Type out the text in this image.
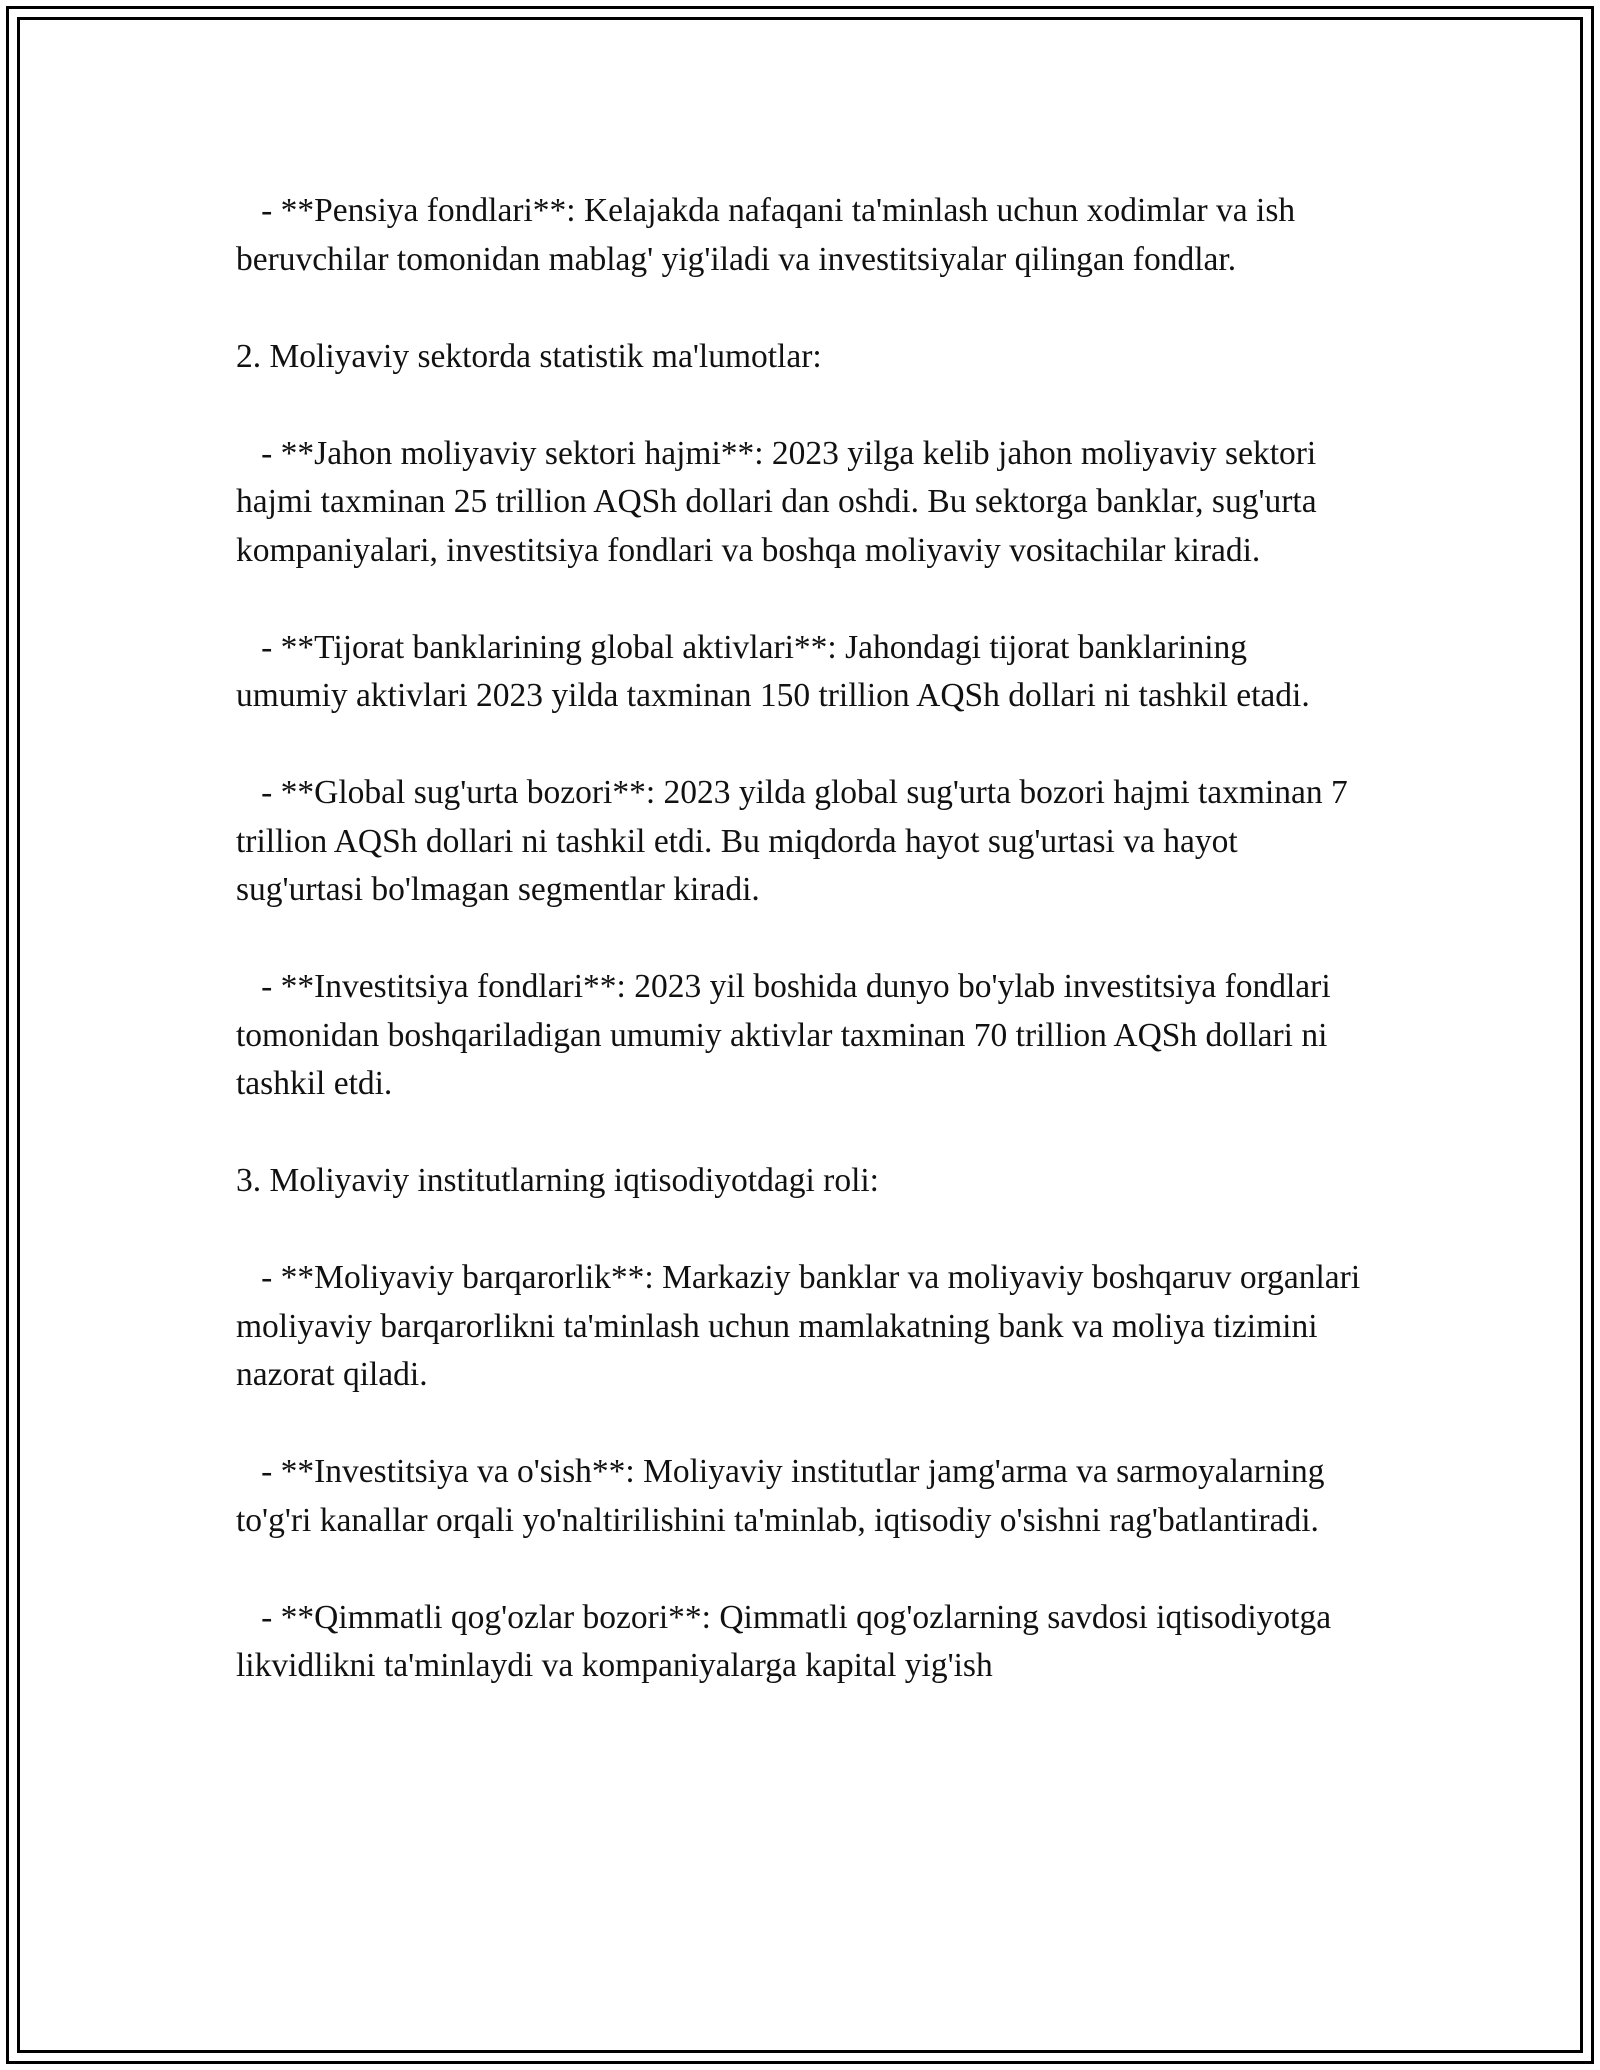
- **Pensiya fondlari**: Kelajakda nafaqani ta'minlash uchun xodimlar va ish beruvchilar tomonidan mablag' yig'iladi va investitsiyalar qilingan fondlar.

2. Moliyaviy sektorda statistik ma'lumotlar:

- **Jahon moliyaviy sektori hajmi**: 2023 yilga kelib jahon moliyaviy sektori hajmi taxminan 25 trillion AQSh dollari dan oshdi. Bu sektorga banklar, sug'urta kompaniyalari, investitsiya fondlari va boshqa moliyaviy vositachilar kiradi.

- **Tijorat banklarining global aktivlari**: Jahondagi tijorat banklarining umumiy aktivlari 2023 yilda taxminan 150 trillion AQSh dollari ni tashkil etadi.

- **Global sug'urta bozori**: 2023 yilda global sug'urta bozori hajmi taxminan 7 trillion AQSh dollari ni tashkil etdi. Bu miqdorda hayot sug'urtasi va hayot sug'urtasi bo'lmagan segmentlar kiradi.

- **Investitsiya fondlari**: 2023 yil boshida dunyo bo'ylab investitsiya fondlari tomonidan boshqariladigan umumiy aktivlar taxminan 70 trillion AQSh dollari ni tashkil etdi.

3. Moliyaviy institutlarning iqtisodiyotdagi roli:

- **Moliyaviy barqarorlik**: Markaziy banklar va moliyaviy boshqaruv organlari moliyaviy barqarorlikni ta'minlash uchun mamlakatning bank va moliya tizimini nazorat qiladi.

- **Investitsiya va o'sish**: Moliyaviy institutlar jamg'arma va sarmoyalarning to'g'ri kanallar orqali yo'naltirilishini ta'minlab, iqtisodiy o'sishni rag'batlantiradi.

- **Qimmatli qog'ozlar bozori**: Qimmatli qog'ozlarning savdosi iqtisodiyotga likvidlikni ta'minlaydi va kompaniyalarga kapital yig'ish
